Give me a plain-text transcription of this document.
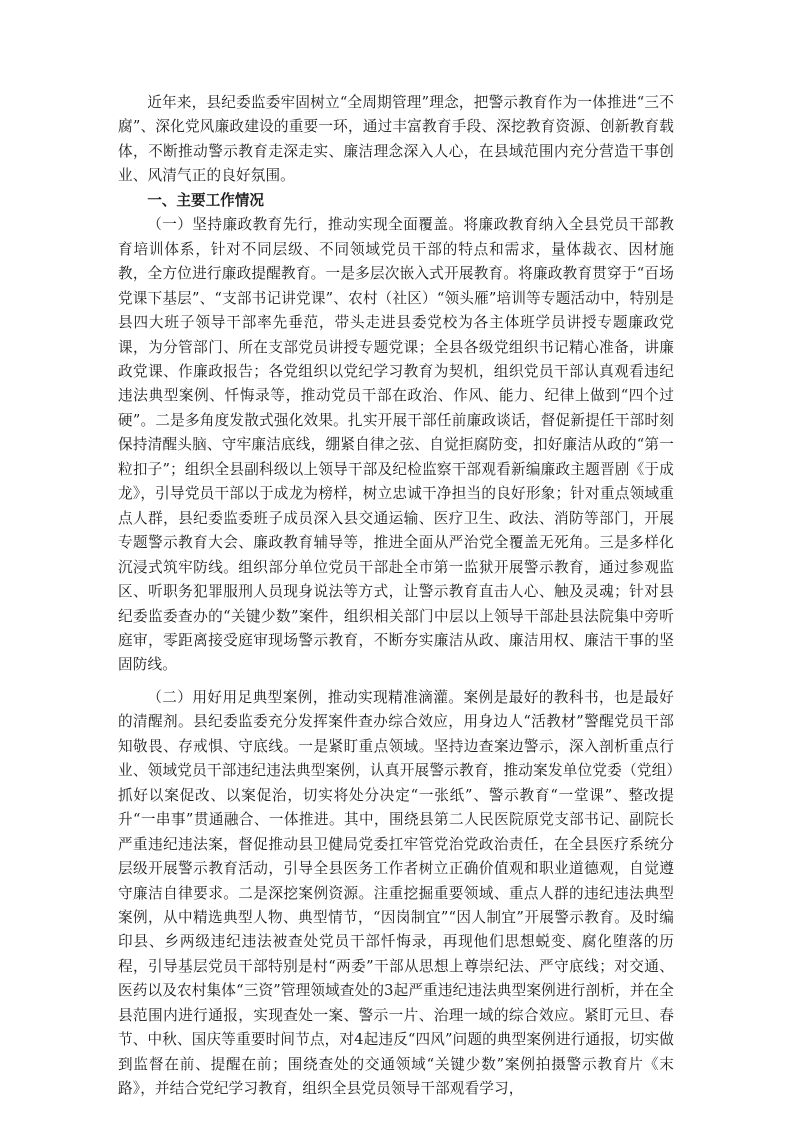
近年来，县纪委监委牢固树立“全周期管理”理念，把警示教育作为一体推进“三不腐”、深化党风廉政建设的重要一环，通过丰富教育手段、深挖教育资源、创新教育载体，不断推动警示教育走深走实、廉洁理念深入人心，在县域范围内充分营造干事创业、风清气正的良好氛围。

一、主要工作情况

（一）坚持廉政教育先行，推动实现全面覆盖。将廉政教育纳入全县党员干部教育培训体系，针对不同层级、不同领域党员干部的特点和需求，量体裁衣、因材施教，全方位进行廉政提醒教育。一是多层次嵌入式开展教育。将廉政教育贯穿于“百场党课下基层”、“支部书记讲党课”、农村（社区）“领头雁”培训等专题活动中，特别是县四大班子领导干部率先垂范，带头走进县委党校为各主体班学员讲授专题廉政党课，为分管部门、所在支部党员讲授专题党课；全县各级党组织书记精心准备，讲廉政党课、作廉政报告；各党组织以党纪学习教育为契机，组织党员干部认真观看违纪违法典型案例、忏悔录等，推动党员干部在政治、作风、能力、纪律上做到“四个过硬”。二是多角度发散式强化效果。扎实开展干部任前廉政谈话，督促新提任干部时刻保持清醒头脑、守牢廉洁底线，绷紧自律之弦、自觉拒腐防变，扣好廉洁从政的“第一粒扣子”；组织全县副科级以上领导干部及纪检监察干部观看新编廉政主题晋剧《于成龙》，引导党员干部以于成龙为榜样，树立忠诚干净担当的良好形象；针对重点领域重点人群，县纪委监委班子成员深入县交通运输、医疗卫生、政法、消防等部门，开展专题警示教育大会、廉政教育辅导等，推进全面从严治党全覆盖无死角。三是多样化沉浸式筑牢防线。组织部分单位党员干部赴全市第一监狱开展警示教育，通过参观监区、听职务犯罪服刑人员现身说法等方式，让警示教育直击人心、触及灵魂；针对县纪委监委查办的“关键少数”案件，组织相关部门中层以上领导干部赴县法院集中旁听庭审，零距离接受庭审现场警示教育，不断夯实廉洁从政、廉洁用权、廉洁干事的坚固防线。

（二）用好用足典型案例，推动实现精准滴灌。案例是最好的教科书，也是最好的清醒剂。县纪委监委充分发挥案件查办综合效应，用身边人“活教材”警醒党员干部知敬畏、存戒惧、守底线。一是紧盯重点领域。坚持边查案边警示，深入剖析重点行业、领域党员干部违纪违法典型案例，认真开展警示教育，推动案发单位党委（党组）抓好以案促改、以案促治，切实将处分决定“一张纸”、警示教育“一堂课”、整改提升“一串事”贯通融合、一体推进。其中，围绕县第二人民医院原党支部书记、副院长严重违纪违法案，督促推动县卫健局党委扛牢管党治党政治责任，在全县医疗系统分层级开展警示教育活动，引导全县医务工作者树立正确价值观和职业道德观，自觉遵守廉洁自律要求。二是深挖案例资源。注重挖掘重要领域、重点人群的违纪违法典型案例，从中精选典型人物、典型情节，“因岗制宜”“因人制宜”开展警示教育。及时编印县、乡两级违纪违法被查处党员干部忏悔录，再现他们思想蜕变、腐化堕落的历程，引导基层党员干部特别是村“两委”干部从思想上尊崇纪法、严守底线；对交通、医药以及农村集体“三资”管理领域查处的3起严重违纪违法典型案例进行剖析，并在全县范围内进行通报，实现查处一案、警示一片、治理一域的综合效应。紧盯元旦、春节、中秋、国庆等重要时间节点，对4起违反“四风”问题的典型案例进行通报，切实做到监督在前、提醒在前；围绕查处的交通领域“关键少数”案例拍摄警示教育片《末路》，并结合党纪学习教育，组织全县党员领导干部观看学习，
